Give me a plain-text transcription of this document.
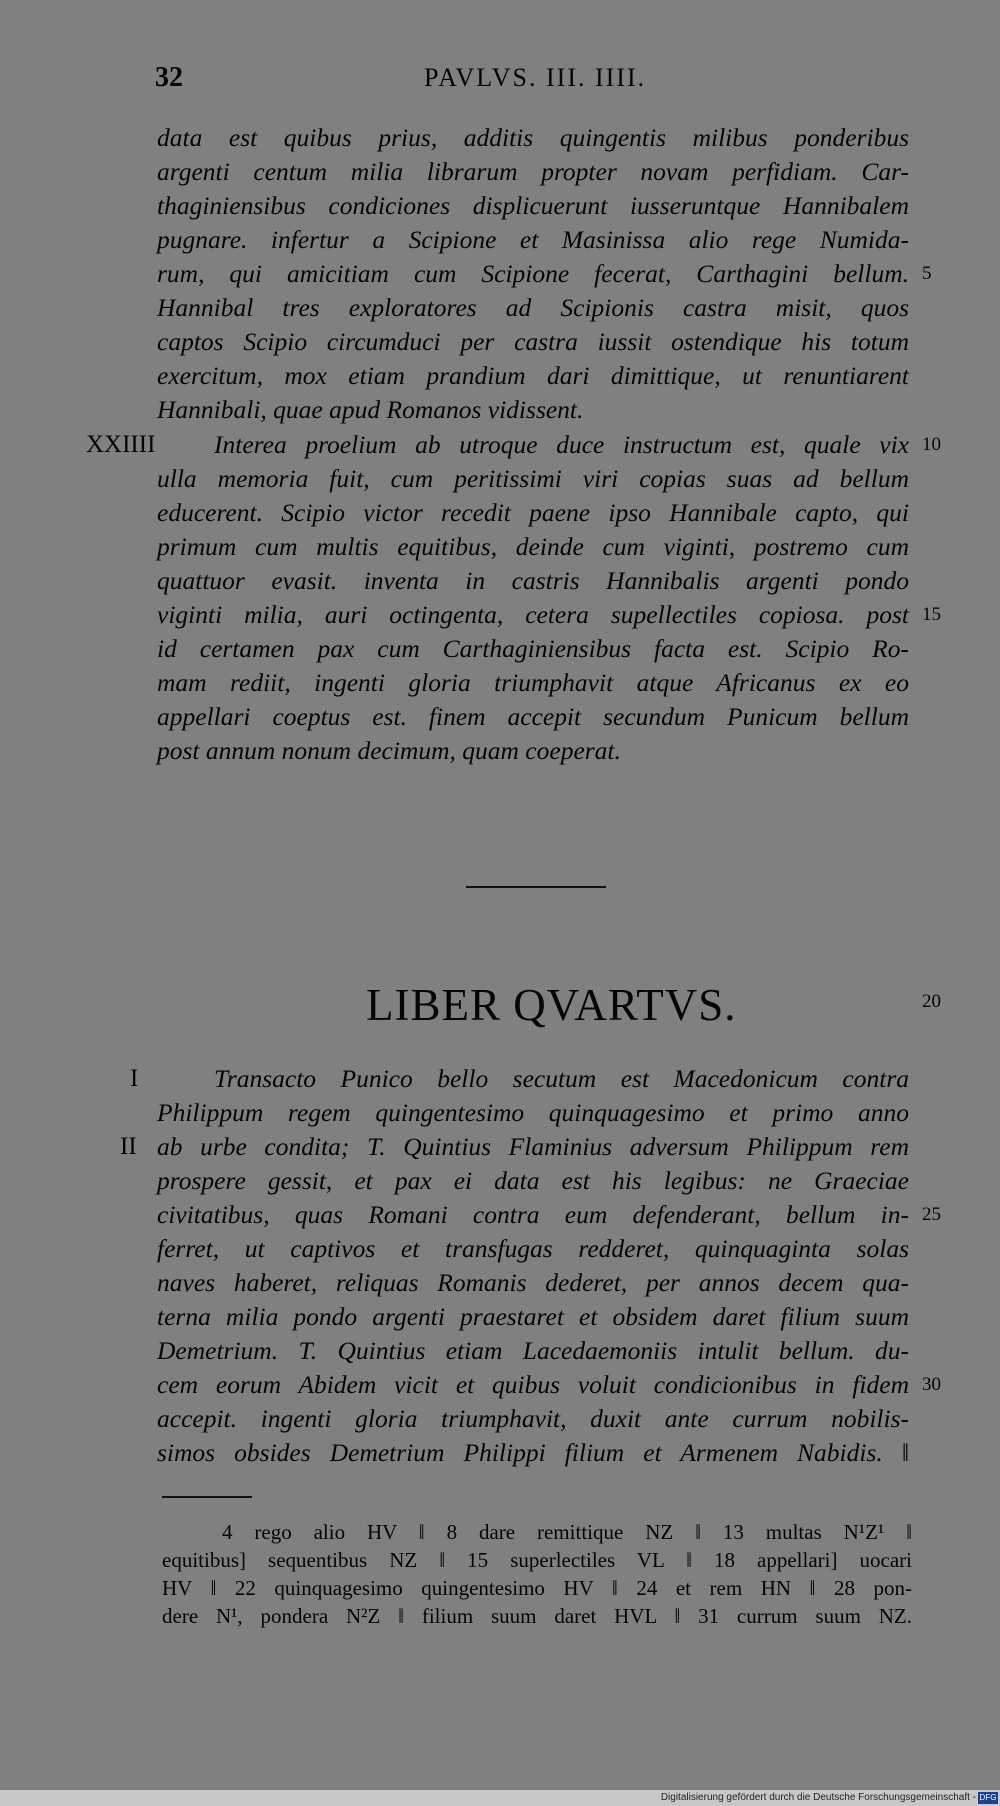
32	PAVLVS. III. IIII.
data est quibus prius, additis quingentis milibus ponderibus
argenti centum milia librarum propter novam perfidiam. Car-
thaginiensibus condiciones displicuerunt iusseruntque Hannibalem
pugnare. infertur a Scipione et Masinissa alio rege Numida-
rum, qui amicitiam cum Scipione fecerat, Carthagini bellum.
Hannibal tres exploratores ad Scipionis castra misit, quos
captos Scipio circumduci per castra iussit ostendique his totum
exercitum, mox etiam prandium dari dimittique, ut renuntiarent
Hannibali, quae apud Romanos vidissent.
XXIIII Interea proelium ab utroque duce instructum est, quale vix
ulla memoria fuit, cum peritissimi viri copias suas ad bellum
educerent. Scipio victor recedit paene ipso Hannibale capto, qui
primum cum multis equitibus, deinde cum viginti, postremo cum
quattuor evasit. inventa in castris Hannibalis argenti pondo
viginti milia, auri octingenta, cetera supellectiles copiosa. post
id certamen pax cum Carthaginiensibus facta est. Scipio Ro-
mam rediit, ingenti gloria triumphavit atque Africanus ex eo
appellari coeptus est. finem accepit secundum Punicum bellum
post annum nonum decimum, quam coeperat.
5
10
15
LIBER QVARTVS.	20
I	Transacto Punico bello secutum est Macedonicum contra
Philippum regem quingentesimo quinquagesimo et primo anno
II ab urbe condita; T. Quintius Flaminius adversum Philippum rem
prospere gessit, et pax ei data est his legibus: ne Graeciae
civitatibus, quas Romani contra eum defenderant, bellum in-
ferret, ut captivos et transfugas redderet, quinquaginta solas
naves haberet, reliquas Romanis dederet, per annos decem qua-
terna milia pondo argenti praestaret et obsidem daret filium suum
Demetrium. T. Quintius etiam Lacedaemoniis intulit bellum. du-
cem eorum Abidem vicit et quibus voluit condicionibus in fidem
accepit. ingenti gloria triumphavit, duxit ante currum nobilis-
simos obsides Demetrium Philippi filium et Armenem Nabidis. ‖
25
30
4 rego alio HV ‖ 8 dare remittique NZ ‖ 13 multas N¹Z¹ ‖
equitibus] sequentibus NZ ‖ 15 superlectiles VL ‖ 18 appellari] uocari
HV ‖ 22 quinquagesimo quingentesimo HV ‖ 24 et rem HN ‖ 28 pon-
dere N¹, pondera N²Z ‖ filium suum daret HVL ‖ 31 currum suum NZ.
Digitalisierung gefördert durch die Deutsche Forschungsgemeinschaft - DFG
